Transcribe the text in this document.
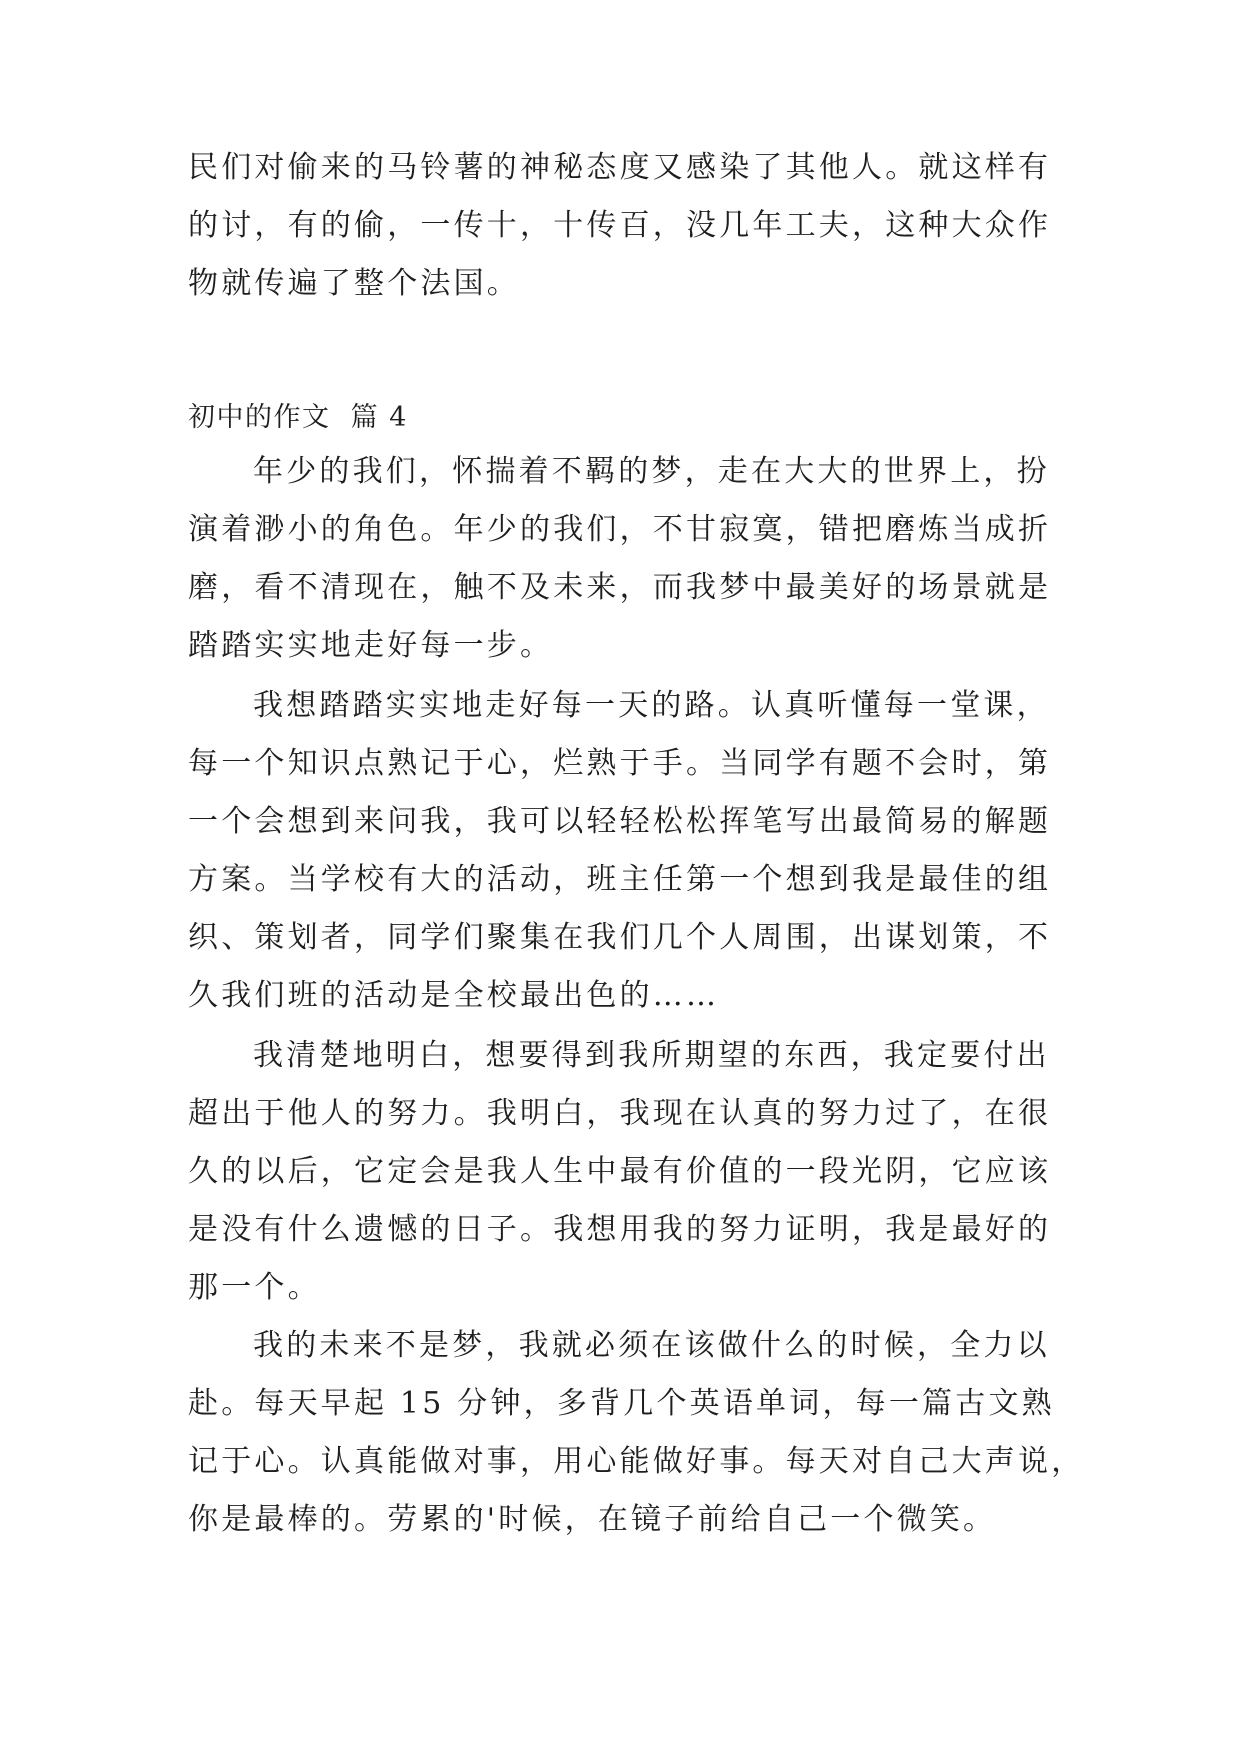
民们对偷来的马铃薯的神秘态度又感染了其他人。就这样有
的讨，有的偷，一传十，十传百，没几年工夫，这种大众作
物就传遍了整个法国。
初中的作文  篇 4
年少的我们，怀揣着不羁的梦，走在大大的世界上，扮
演着渺小的角色。年少的我们，不甘寂寞，错把磨炼当成折
磨，看不清现在，触不及未来，而我梦中最美好的场景就是
踏踏实实地走好每一步。
我想踏踏实实地走好每一天的路。认真听懂每一堂课，
每一个知识点熟记于心，烂熟于手。当同学有题不会时，第
一个会想到来问我，我可以轻轻松松挥笔写出最简易的解题
方案。当学校有大的活动，班主任第一个想到我是最佳的组
织、策划者，同学们聚集在我们几个人周围，出谋划策，不
久我们班的活动是全校最出色的……
我清楚地明白，想要得到我所期望的东西，我定要付出
超出于他人的努力。我明白，我现在认真的努力过了，在很
久的以后，它定会是我人生中最有价值的一段光阴，它应该
是没有什么遗憾的日子。我想用我的努力证明，我是最好的
那一个。
我的未来不是梦，我就必须在该做什么的时候，全力以
赴。每天早起 15 分钟，多背几个英语单词，每一篇古文熟
记于心。认真能做对事，用心能做好事。每天对自己大声说，
你是最棒的。劳累的'时候，在镜子前给自己一个微笑。
